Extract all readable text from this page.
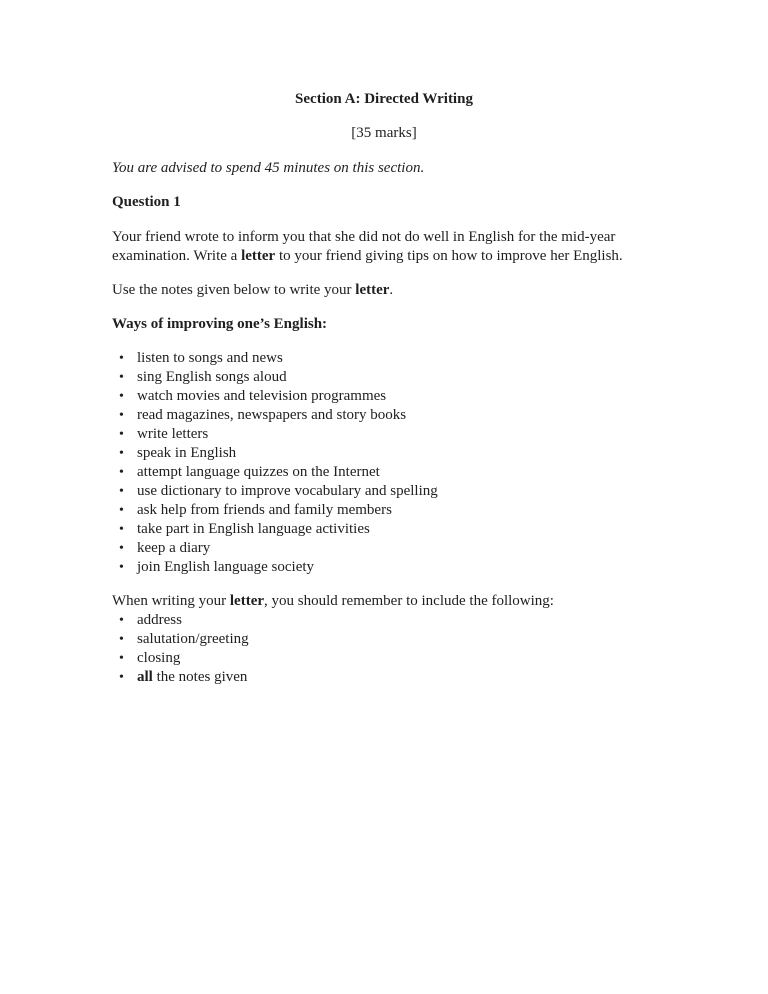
Section A: Directed Writing
[35 marks]
You are advised to spend 45 minutes on this section.
Question 1

Your friend wrote to inform you that she did not do well in English for the mid-year examination. Write a letter to your friend giving tips on how to improve her English.

Use the notes given below to write your letter.

Ways of improving one’s English:
• listen to songs and news
• sing English songs aloud
• watch movies and television programmes
• read magazines, newspapers and story books
• write letters
• speak in English
• attempt language quizzes on the Internet
• use dictionary to improve vocabulary and spelling
• ask help from friends and family members
• take part in English language activities
• keep a diary
• join English language society

When writing your letter, you should remember to include the following:

• address
• salutation/greeting
• closing
• all the notes given
